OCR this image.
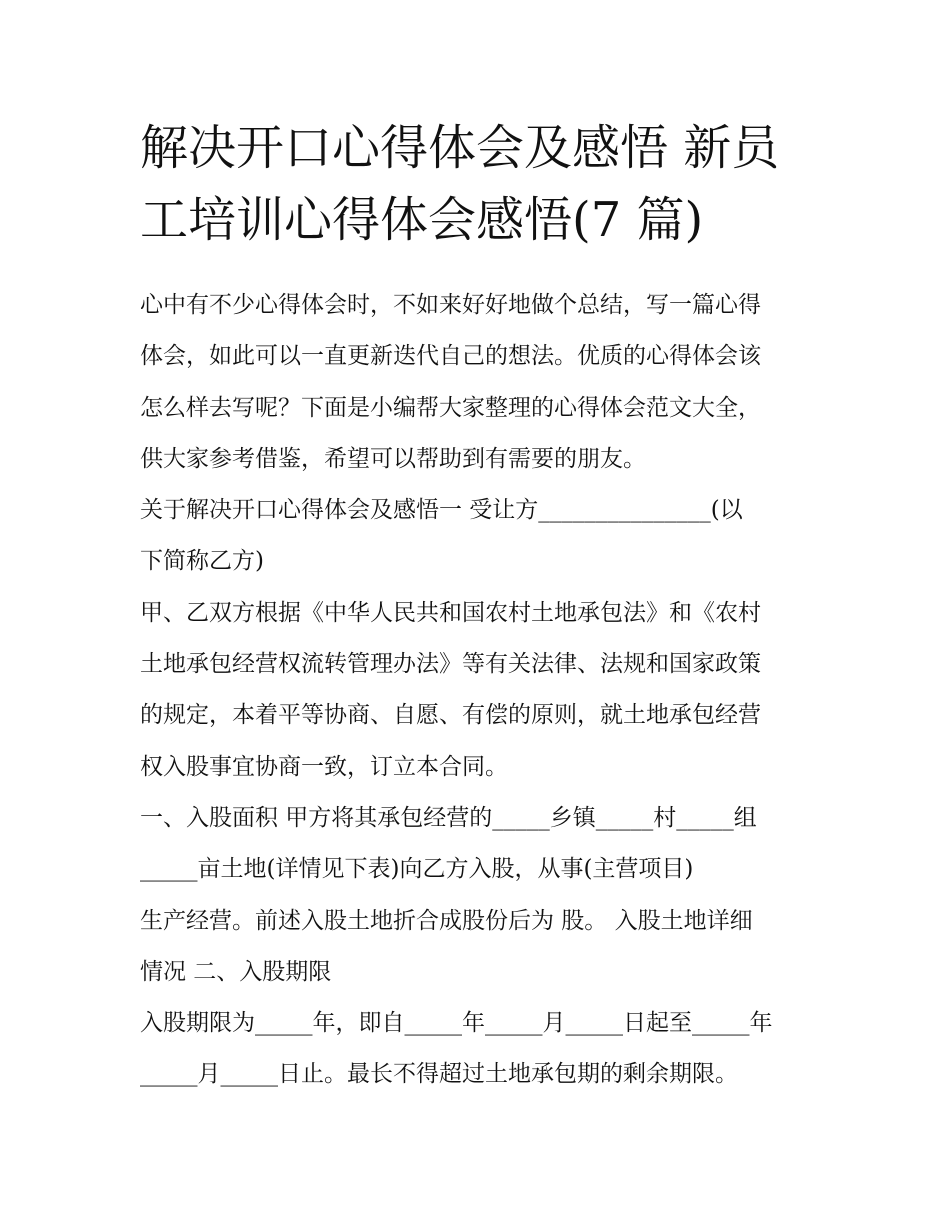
解决开口心得体会及感悟 新员
工培训心得体会感悟(7 篇)
心中有不少心得体会时，不如来好好地做个总结，写一篇心得
体会，如此可以一直更新迭代自己的想法。优质的心得体会该
怎么样去写呢？下面是小编帮大家整理的心得体会范文大全，
供大家参考借鉴，希望可以帮助到有需要的朋友。
关于解决开口心得体会及感悟一 受让方_______________(以
下简称乙方)
甲、乙双方根据《中华人民共和国农村土地承包法》和《农村
土地承包经营权流转管理办法》等有关法律、法规和国家政策
的规定，本着平等协商、自愿、有偿的原则，就土地承包经营
权入股事宜协商一致，订立本合同。
一、入股面积 甲方将其承包经营的_____乡镇_____村_____组
_____亩土地(详情见下表)向乙方入股，从事(主营项目)
生产经营。前述入股土地折合成股份后为 股。 入股土地详细
情况 二、入股期限
入股期限为_____年，即自_____年_____月_____日起至_____年
_____月_____日止。最长不得超过土地承包期的剩余期限。
